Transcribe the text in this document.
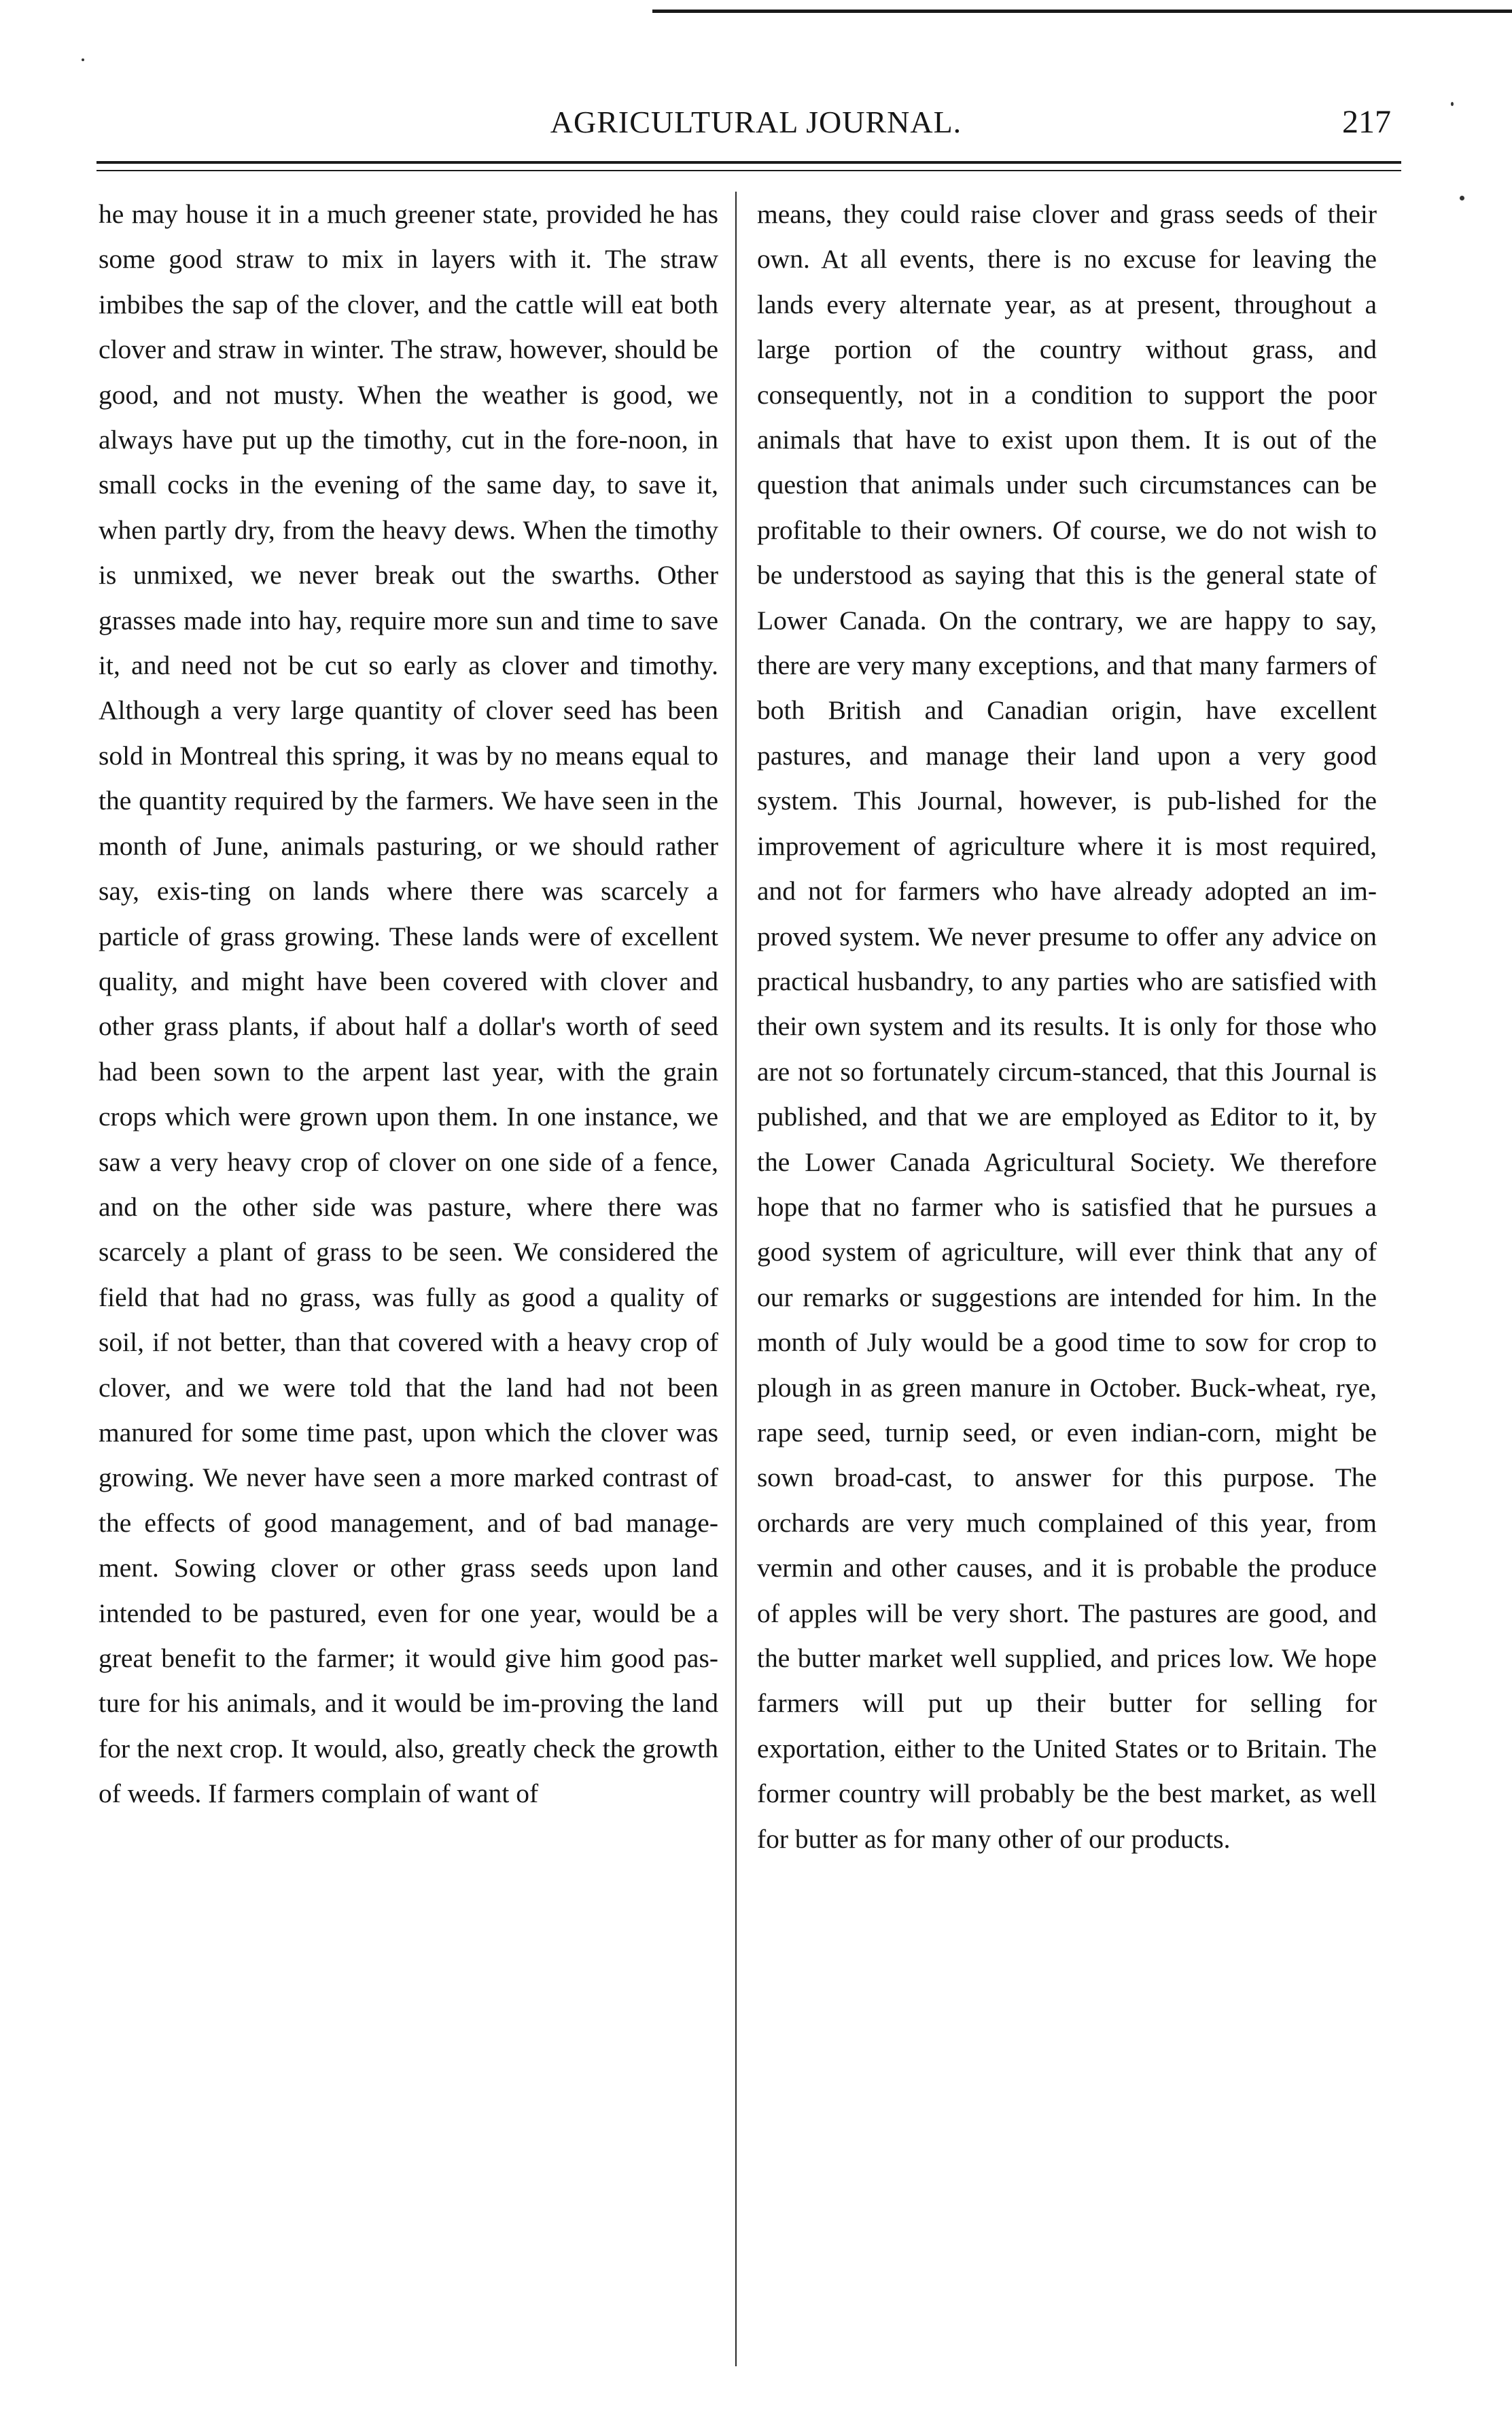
AGRICULTURAL JOURNAL.	217
he may house it in a much greener state, provided he has some good straw to mix in layers with it. The straw imbibes the sap of the clover, and the cattle will eat both clover and straw in winter. The straw, however, should be good, and not musty. When the weather is good, we always have put up the timothy, cut in the fore-noon, in small cocks in the evening of the same day, to save it, when partly dry, from the heavy dews. When the timothy is unmixed, we never break out the swarths. Other grasses made into hay, require more sun and time to save it, and need not be cut so early as clover and timothy. Although a very large quantity of clover seed has been sold in Montreal this spring, it was by no means equal to the quantity required by the farmers. We have seen in the month of June, animals pasturing, or we should rather say, exis-ting on lands where there was scarcely a particle of grass growing. These lands were of excellent quality, and might have been covered with clover and other grass plants, if about half a dollar's worth of seed had been sown to the arpent last year, with the grain crops which were grown upon them. In one instance, we saw a very heavy crop of clover on one side of a fence, and on the other side was pasture, where there was scarcely a plant of grass to be seen. We considered the field that had no grass, was fully as good a quality of soil, if not better, than that covered with a heavy crop of clover, and we were told that the land had not been manured for some time past, upon which the clover was growing. We never have seen a more marked contrast of the effects of good management, and of bad manage-ment. Sowing clover or other grass seeds upon land intended to be pastured, even for one year, would be a great benefit to the farmer; it would give him good pas-ture for his animals, and it would be im-proving the land for the next crop. It would, also, greatly check the growth of weeds. If farmers complain of want of
means, they could raise clover and grass seeds of their own. At all events, there is no excuse for leaving the lands every alternate year, as at present, throughout a large portion of the country without grass, and consequently, not in a condition to support the poor animals that have to exist upon them. It is out of the question that animals under such circumstances can be profitable to their owners. Of course, we do not wish to be understood as saying that this is the general state of Lower Canada. On the contrary, we are happy to say, there are very many exceptions, and that many farmers of both British and Canadian origin, have excellent pastures, and manage their land upon a very good system. This Journal, however, is pub-lished for the improvement of agriculture where it is most required, and not for farmers who have already adopted an im-proved system. We never presume to offer any advice on practical husbandry, to any parties who are satisfied with their own system and its results. It is only for those who are not so fortunately circum-stanced, that this Journal is published, and that we are employed as Editor to it, by the Lower Canada Agricultural Society. We therefore hope that no farmer who is satisfied that he pursues a good system of agriculture, will ever think that any of our remarks or suggestions are intended for him. In the month of July would be a good time to sow for crop to plough in as green manure in October. Buck-wheat, rye, rape seed, turnip seed, or even indian-corn, might be sown broad-cast, to answer for this purpose. The orchards are very much complained of this year, from vermin and other causes, and it is probable the produce of apples will be very short. The pastures are good, and the butter market well supplied, and prices low. We hope farmers will put up their butter for selling for exportation, either to the United States or to Britain. The former country will probably be the best market, as well for butter as for many other of our products.
